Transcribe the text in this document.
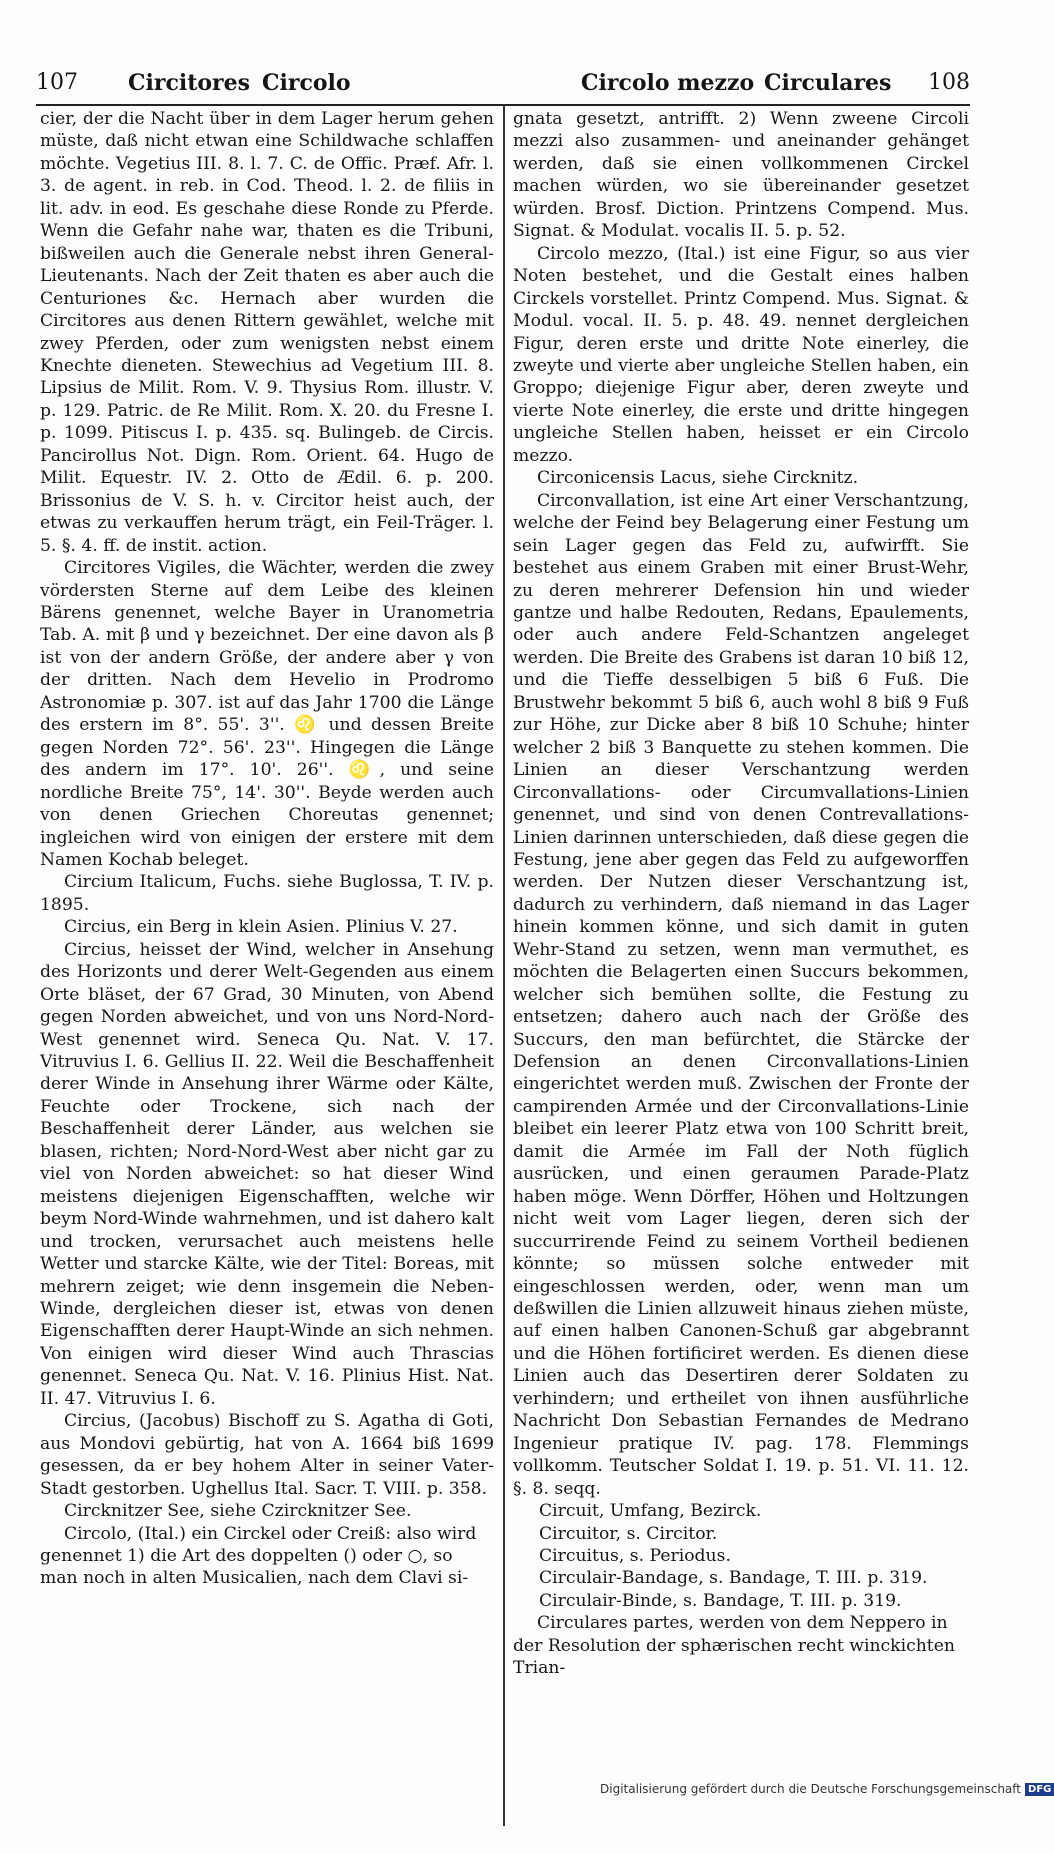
107 Circitores Circolo	Circolo mezzo Circulares 108

cier, der die Nacht über in dem Lager herum gehen müste, daß nicht etwan eine Schildwache schlaffen möchte. Vegetius III. 8. l. 7. C. de Offic. Præf. Afr. l. 3. de agent. in reb. in Cod. Theod. l. 2. de filiis in lit. adv. in eod. Es geschahe diese Ronde zu Pferde. Wenn die Gefahr nahe war, thaten es die Tribuni, bißweilen auch die Generale nebst ihren General-Lieutenants. Nach der Zeit thaten es aber auch die Centuriones &c. Hernach aber wurden die Circitores aus denen Rittern gewählet, welche mit zwey Pferden, oder zum wenigsten nebst einem Knechte dieneten. Stewechius ad Vegetium III. 8. Lipsius de Milit. Rom. V. 9. Thysius Rom. illustr. V. p. 129. Patric. de Re Milit. Rom. X. 20. du Fresne I. p. 1099. Pitiscus I. p. 435. sq. Bulingeb. de Circis. Pancirollus Not. Dign. Rom. Orient. 64. Hugo de Milit. Equestr. IV. 2. Otto de Ædil. 6. p. 200. Brissonius de V. S. h. v. Circitor heist auch, der etwas zu verkauffen herum trägt, ein Feil-Träger. l. 5. §. 4. ff. de instit. action.

Circitores Vigiles, die Wächter, werden die zwey vördersten Sterne auf dem Leibe des kleinen Bärens genennet, welche Bayer in Uranometria Tab. A. mit β und γ bezeichnet. Der eine davon als β ist von der andern Größe, der andere aber γ von der dritten. Nach dem Hevelio in Prodromo Astronomiæ p. 307. ist auf das Jahr 1700 die Länge des erstern im 8°. 55'. 3''. ♌ und dessen Breite gegen Norden 72°. 56'. 23''. Hingegen die Länge des andern im 17°. 10'. 26''. ♌, und seine nordliche Breite 75°, 14'. 30''. Beyde werden auch von denen Griechen Choreutas genennet; ingleichen wird von einigen der erstere mit dem Namen Kochab beleget.

Circium Italicum, Fuchs. siehe Buglossa, T. IV. p. 1895.

Circius, ein Berg in klein Asien. Plinius V. 27.

Circius, heisset der Wind, welcher in Ansehung des Horizonts und derer Welt-Gegenden aus einem Orte bläset, der 67 Grad, 30 Minuten, von Abend gegen Norden abweichet, und von uns Nord-Nord-West genennet wird. Seneca Qu. Nat. V. 17. Vitruvius I. 6. Gellius II. 22. Weil die Beschaffenheit derer Winde in Ansehung ihrer Wärme oder Kälte, Feuchte oder Trockene, sich nach der Beschaffenheit derer Länder, aus welchen sie blasen, richten; Nord-Nord-West aber nicht gar zu viel von Norden abweichet: so hat dieser Wind meistens diejenigen Eigenschafften, welche wir beym Nord-Winde wahrnehmen, und ist dahero kalt und trocken, verursachet auch meistens helle Wetter und starcke Kälte, wie der Titel: Boreas, mit mehrern zeiget; wie denn insgemein die Neben-Winde, dergleichen dieser ist, etwas von denen Eigenschafften derer Haupt-Winde an sich nehmen. Von einigen wird dieser Wind auch Thrascias genennet. Seneca Qu. Nat. V. 16. Plinius Hist. Nat. II. 47. Vitruvius I. 6.

Circius, (Jacobus) Bischoff zu S. Agatha di Goti, aus Mondovi gebürtig, hat von A. 1664 biß 1699 gesessen, da er bey hohem Alter in seiner Vater-Stadt gestorben. Ughellus Ital. Sacr. T. VIII. p. 358.

Circknitzer See, siehe Czircknitzer See.

Circolo, (Ital.) ein Circkel oder Creiß: also wird genennet 1) die Art des doppelten () oder ○, so man noch in alten Musicalien, nach dem Clavi si-

gnata gesetzt, antrifft. 2) Wenn zweene Circoli mezzi also zusammen- und aneinander gehänget werden, daß sie einen vollkommenen Circkel machen würden, wo sie übereinander gesetzet würden. Brosf. Diction. Printzens Compend. Mus. Signat. & Modulat. vocalis II. 5. p. 52.

Circolo mezzo, (Ital.) ist eine Figur, so aus vier Noten bestehet, und die Gestalt eines halben Circkels vorstellet. Printz Compend. Mus. Signat. & Modul. vocal. II. 5. p. 48. 49. nennet dergleichen Figur, deren erste und dritte Note einerley, die zweyte und vierte aber ungleiche Stellen haben, ein Groppo; diejenige Figur aber, deren zweyte und vierte Note einerley, die erste und dritte hingegen ungleiche Stellen haben, heisset er ein Circolo mezzo.

Circonicensis Lacus, siehe Circknitz.

Circonvallation, ist eine Art einer Verschantzung, welche der Feind bey Belagerung einer Festung um sein Lager gegen das Feld zu, aufwirfft. Sie bestehet aus einem Graben mit einer Brust-Wehr, zu deren mehrerer Defension hin und wieder gantze und halbe Redouten, Redans, Epaulements, oder auch andere Feld-Schantzen angeleget werden. Die Breite des Grabens ist daran 10 biß 12, und die Tieffe desselbigen 5 biß 6 Fuß. Die Brustwehr bekommt 5 biß 6, auch wohl 8 biß 9 Fuß zur Höhe, zur Dicke aber 8 biß 10 Schuhe; hinter welcher 2 biß 3 Banquette zu stehen kommen. Die Linien an dieser Verschantzung werden Circonvallations- oder Circumvallations-Linien genennet, und sind von denen Contrevallations-Linien darinnen unterschieden, daß diese gegen die Festung, jene aber gegen das Feld zu aufgeworffen werden. Der Nutzen dieser Verschantzung ist, dadurch zu verhindern, daß niemand in das Lager hinein kommen könne, und sich damit in guten Wehr-Stand zu setzen, wenn man vermuthet, es möchten die Belagerten einen Succurs bekommen, welcher sich bemühen sollte, die Festung zu entsetzen; dahero auch nach der Größe des Succurs, den man befürchtet, die Stärcke der Defension an denen Circonvallations-Linien eingerichtet werden muß. Zwischen der Fronte der campirenden Armée und der Circonvallations-Linie bleibet ein leerer Platz etwa von 100 Schritt breit, damit die Armée im Fall der Noth füglich ausrücken, und einen geraumen Parade-Platz haben möge. Wenn Dörffer, Höhen und Holtzungen nicht weit vom Lager liegen, deren sich der succurrirende Feind zu seinem Vortheil bedienen könnte; so müssen solche entweder mit eingeschlossen werden, oder, wenn man um deßwillen die Linien allzuweit hinaus ziehen müste, auf einen halben Canonen-Schuß gar abgebrannt und die Höhen fortificiret werden. Es dienen diese Linien auch das Desertiren derer Soldaten zu verhindern; und ertheilet von ihnen ausführliche Nachricht Don Sebastian Fernandes de Medrano Ingenieur pratique IV. pag. 178. Flemmings vollkomm. Teutscher Soldat I. 19. p. 51. VI. 11. 12. §. 8. seqq.

Circuit, Umfang, Bezirck.

Circuitor, s. Circitor.

Circuitus, s. Periodus.

Circulair-Bandage, s. Bandage, T. III. p. 319.

Circulair-Binde, s. Bandage, T. III. p. 319.

Circulares partes, werden von dem Neppero in der Resolution der sphærischen recht winckichten Trian-

Digitalisierung gefördert durch die Deutsche Forschungsgemeinschaft DFG
